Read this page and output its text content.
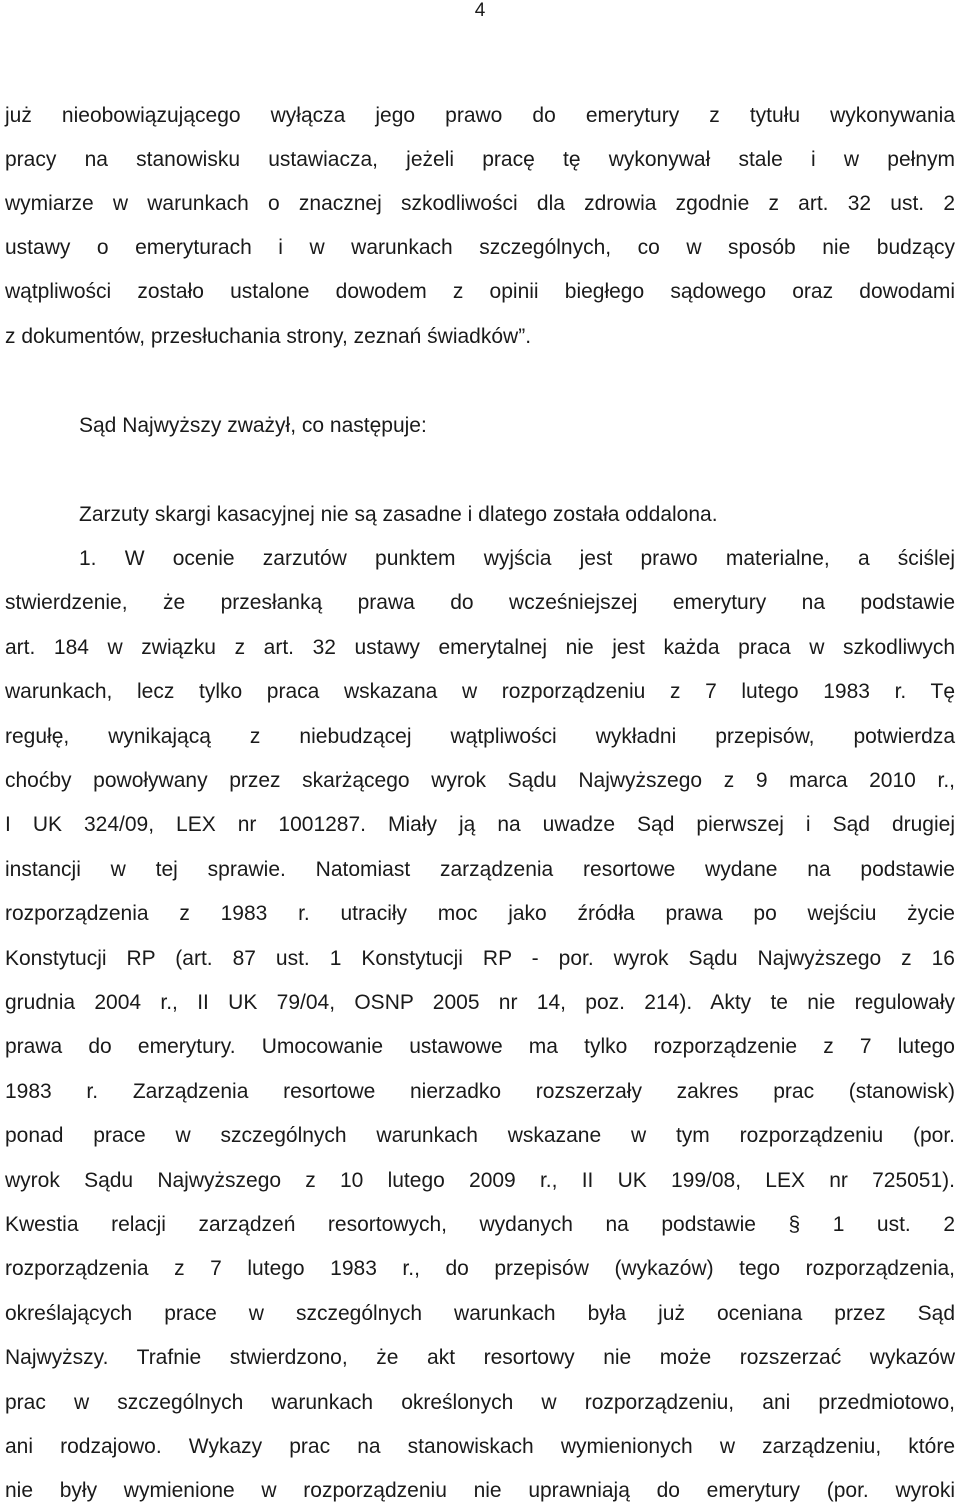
4
już nieobowiązującego wyłącza jego prawo do emerytury z tytułu wykonywania
pracy na stanowisku ustawiacza, jeżeli pracę tę wykonywał stale i w pełnym
wymiarze w warunkach o znacznej szkodliwości dla zdrowia zgodnie z art. 32 ust. 2
ustawy o emeryturach i w warunkach szczególnych, co w sposób nie budzący
wątpliwości zostało ustalone dowodem z opinii biegłego sądowego oraz dowodami
z dokumentów, przesłuchania strony, zeznań świadków”.
Sąd Najwyższy zważył, co następuje:
Zarzuty skargi kasacyjnej nie są zasadne i dlatego została oddalona.
1. W ocenie zarzutów punktem wyjścia jest prawo materialne, a ściślej
stwierdzenie, że przesłanką prawa do wcześniejszej emerytury na podstawie
art. 184 w związku z art. 32 ustawy emerytalnej nie jest każda praca w szkodliwych
warunkach, lecz tylko praca wskazana w rozporządzeniu z 7 lutego 1983 r. Tę
regułę, wynikającą z niebudzącej wątpliwości wykładni przepisów, potwierdza
choćby powoływany przez skarżącego wyrok Sądu Najwyższego z 9 marca 2010 r.,
I UK 324/09, LEX nr 1001287. Miały ją na uwadze Sąd pierwszej i Sąd drugiej
instancji w tej sprawie. Natomiast zarządzenia resortowe wydane na podstawie
rozporządzenia z 1983 r. utraciły moc jako źródła prawa po wejściu życie
Konstytucji RP (art. 87 ust. 1 Konstytucji RP - por. wyrok Sądu Najwyższego z 16
grudnia 2004 r., II UK 79/04, OSNP 2005 nr 14, poz. 214). Akty te nie regulowały
prawa do emerytury. Umocowanie ustawowe ma tylko rozporządzenie z 7 lutego
1983 r. Zarządzenia resortowe nierzadko rozszerzały zakres prac (stanowisk)
ponad prace w szczególnych warunkach wskazane w tym rozporządzeniu (por.
wyrok Sądu Najwyższego z 10 lutego 2009 r., II UK 199/08, LEX nr 725051).
Kwestia relacji zarządzeń resortowych, wydanych na podstawie § 1 ust. 2
rozporządzenia z 7 lutego 1983 r., do przepisów (wykazów) tego rozporządzenia,
określających prace w szczególnych warunkach była już oceniana przez Sąd
Najwyższy. Trafnie stwierdzono, że akt resortowy nie może rozszerzać wykazów
prac w szczególnych warunkach określonych w rozporządzeniu, ani przedmiotowo,
ani rodzajowo. Wykazy prac na stanowiskach wymienionych w zarządzeniu, które
nie były wymienione w rozporządzeniu nie uprawniają do emerytury (por. wyroki
